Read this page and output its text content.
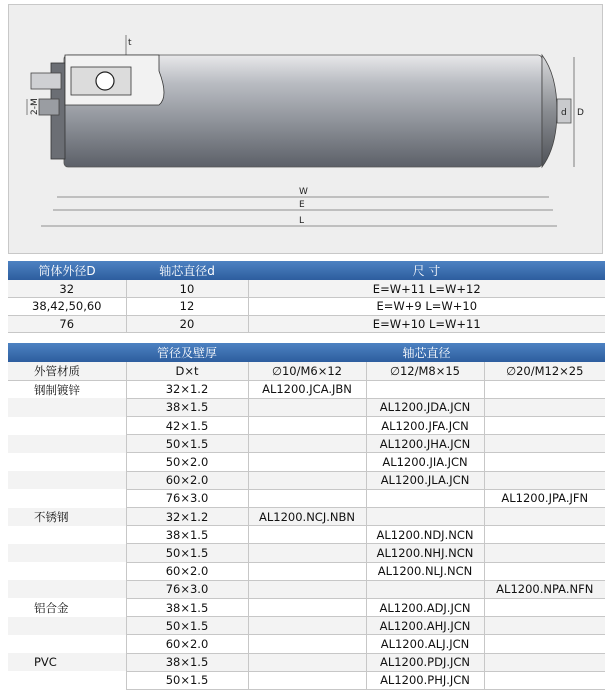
t
2-M	d D
W
E
L
筒体外径D	轴芯直径d	尺 寸
32	10	E=W+11 L=W+12
38,42,50,60	12	E=W+9 L=W+10
76	20	E=W+10 L=W+11
	管径及壁厚	轴芯直径		
外管材质	D×t	∅10/M6×12	∅12/M8×15	∅20/M12×25
钢制镀锌	32×1.2	AL1200.JCA.JBN		
	38×1.5		AL1200.JDA.JCN	
	42×1.5		AL1200.JFA.JCN	
	50×1.5		AL1200.JHA.JCN	
	50×2.0		AL1200.JIA.JCN	
	60×2.0		AL1200.JLA.JCN	
	76×3.0			AL1200.JPA.JFN
不锈钢	32×1.2	AL1200.NCJ.NBN		
	38×1.5		AL1200.NDJ.NCN	
	50×1.5		AL1200.NHJ.NCN	
	60×2.0		AL1200.NLJ.NCN	
	76×3.0			AL1200.NPA.NFN
铝合金	38×1.5		AL1200.ADJ.JCN	
	50×1.5		AL1200.AHJ.JCN	
	60×2.0		AL1200.ALJ.JCN	
PVC	38×1.5		AL1200.PDJ.JCN	
	50×1.5		AL1200.PHJ.JCN	
